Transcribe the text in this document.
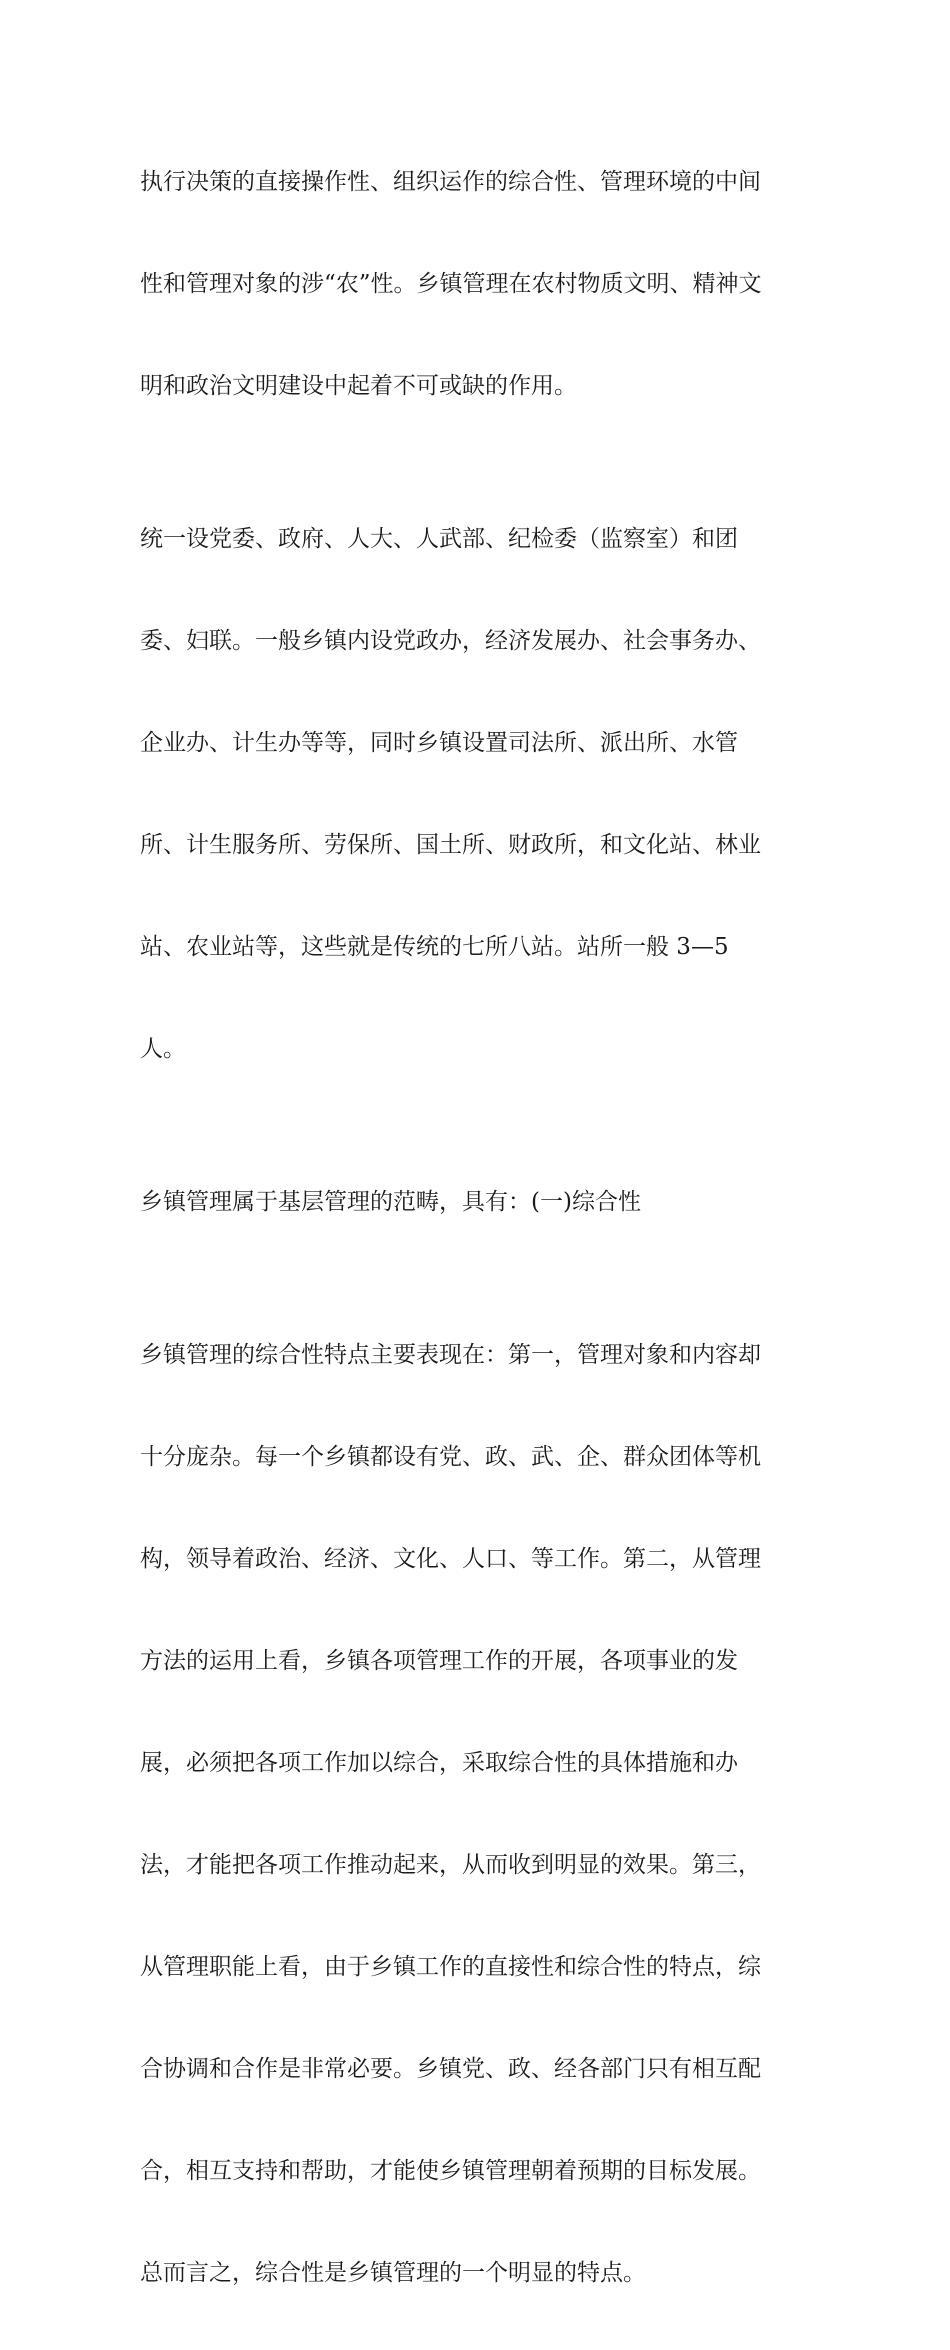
执行决策的直接操作性、组织运作的综合性、管理环境的中间

性和管理对象的涉“农”性。乡镇管理在农村物质文明、精神文

明和政治文明建设中起着不可或缺的作用。

统一设党委、政府、人大、人武部、纪检委（监察室）和团

委、妇联。一般乡镇内设党政办，经济发展办、社会事务办、

企业办、计生办等等，同时乡镇设置司法所、派出所、水管

所、计生服务所、劳保所、国土所、财政所，和文化站、林业

站、农业站等，这些就是传统的七所八站。站所一般 3—5

人。

乡镇管理属于基层管理的范畴，具有：(一)综合性

乡镇管理的综合性特点主要表现在：第一，管理对象和内容却

十分庞杂。每一个乡镇都设有党、政、武、企、群众团体等机

构，领导着政治、经济、文化、人口、等工作。第二，从管理

方法的运用上看，乡镇各项管理工作的开展，各项事业的发

展，必须把各项工作加以综合，采取综合性的具体措施和办

法，才能把各项工作推动起来，从而收到明显的效果。第三，

从管理职能上看，由于乡镇工作的直接性和综合性的特点，综

合协调和合作是非常必要。乡镇党、政、经各部门只有相互配

合，相互支持和帮助，才能使乡镇管理朝着预期的目标发展。

总而言之，综合性是乡镇管理的一个明显的特点。
